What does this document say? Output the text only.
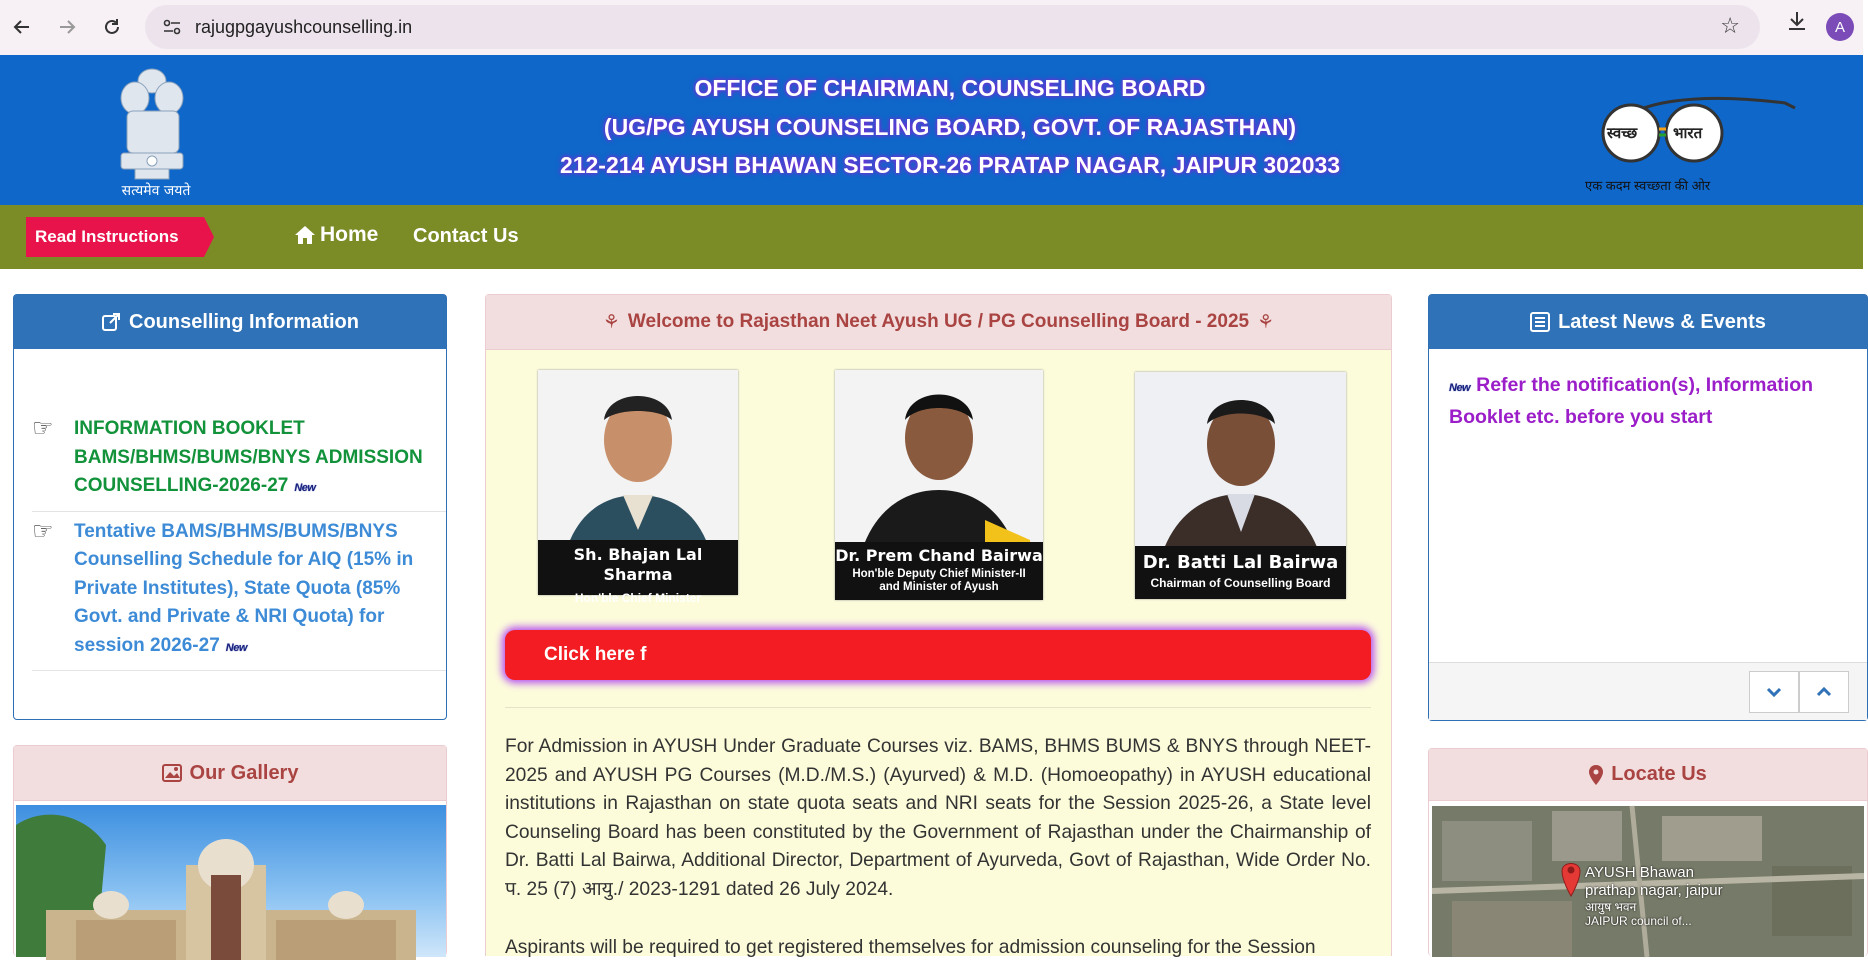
rajugpgayushcounselling.in	☆	A
सत्यमेव जयते
OFFICE OF CHAIRMAN, COUNSELING BOARD
(UG/PG AYUSH COUNSELING BOARD, GOVT. OF RAJASTHAN)
212-214 AYUSH BHAWAN SECTOR-26 PRATAP NAGAR, JAIPUR 302033
स्वच्छ भारत
एक कदम स्वच्छता की ओर
Read Instructions	Home Contact Us
Counselling Information
☞	INFORMATION BOOKLET BAMS/BHMS/BUMS/BNYS ADMISSION COUNSELLING-2026-27 New
☞	Tentative BAMS/BHMS/BUMS/BNYS Counselling Schedule for AIQ (15% in Private Institutes), State Quota (85% Govt. and Private & NRI Quota) for session 2026-27 New
Our Gallery
⚘ Welcome to Rajasthan Neet Ayush UG / PG Counselling Board - 2025 ⚘
Sh. Bhajan Lal Sharma
Hon'ble Chief Minister
Dr. Prem Chand Bairwa
Hon'ble Deputy Chief Minister-II and Minister of Ayush
Dr. Batti Lal Bairwa
Chairman of Counselling Board
Click here f

For Admission in AYUSH Under Graduate Courses viz. BAMS, BHMS BUMS & BNYS through NEET-2025 and AYUSH PG Courses (M.D./M.S.) (Ayurved) & M.D. (Homoeopathy) in AYUSH educational institutions in Rajasthan on state quota seats and NRI seats for the Session 2025-26, a State level Counseling Board has been constituted by the Government of Rajasthan under the Chairmanship of Dr. Batti Lal Bairwa, Additional Director, Department of Ayurveda, Govt of Rajasthan, Wide Order No. प. 25 (7) आयु./ 2023-1291 dated 26 July 2024.

Aspirants will be required to get registered themselves for admission counseling for the Session

Latest News & Events
New Refer the notification(s), Information Booklet etc. before you start
Locate Us
AYUSH Bhawan
prathap nagar, jaipur
आयुष भवन
JAIPUR council of...
